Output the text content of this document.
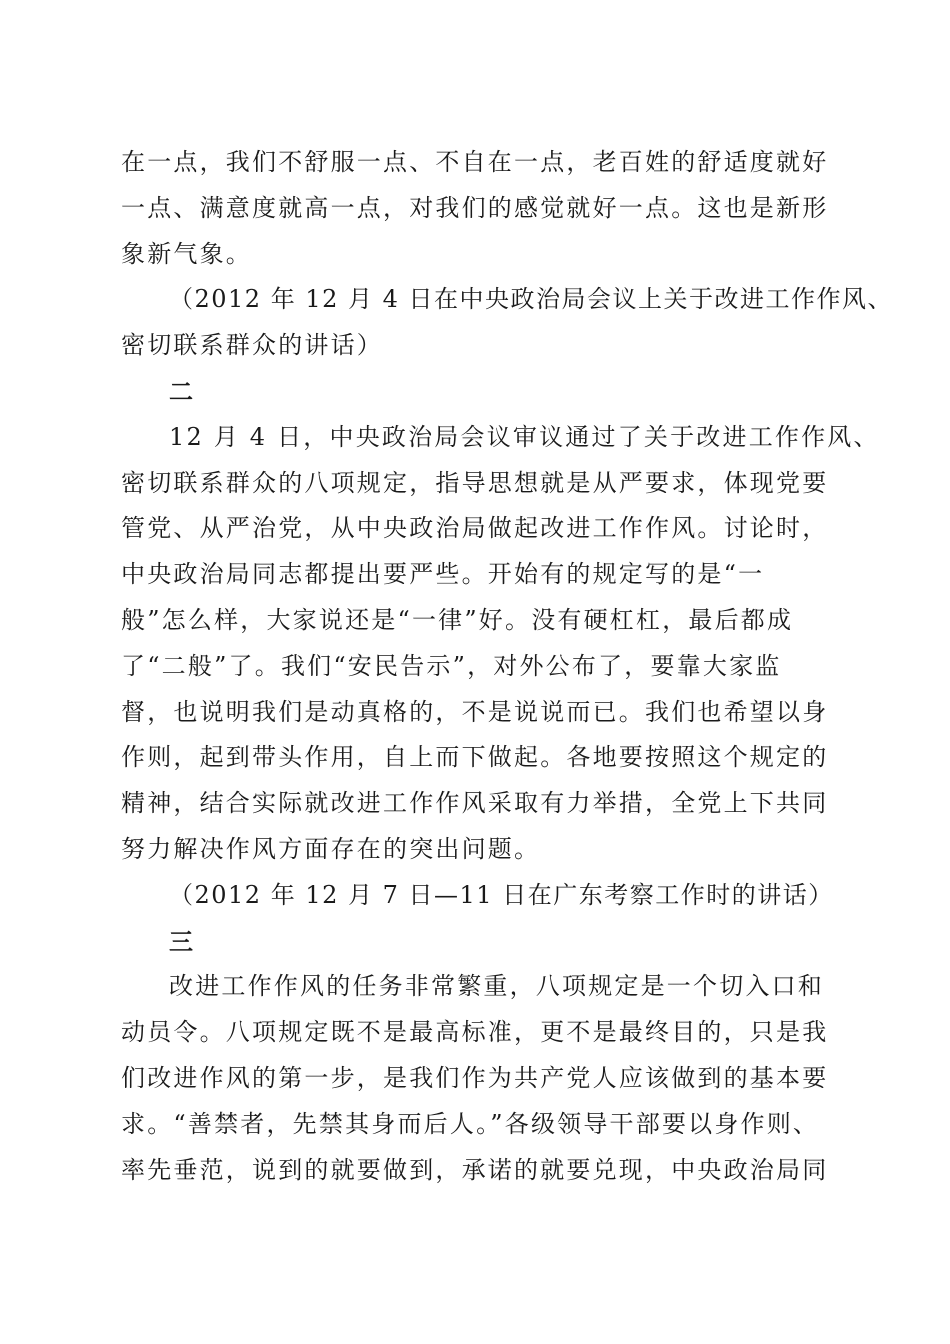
在一点，我们不舒服一点、不自在一点，老百姓的舒适度就好
一点、满意度就高一点，对我们的感觉就好一点。这也是新形
象新气象。
（2012 年 12 月 4 日在中央政治局会议上关于改进工作作风、
密切联系群众的讲话）
二
12 月 4 日，中央政治局会议审议通过了关于改进工作作风、
密切联系群众的八项规定，指导思想就是从严要求，体现党要
管党、从严治党，从中央政治局做起改进工作作风。讨论时，
中央政治局同志都提出要严些。开始有的规定写的是“一
般”怎么样，大家说还是“一律”好。没有硬杠杠，最后都成
了“二般”了。我们“安民告示”，对外公布了，要靠大家监
督，也说明我们是动真格的，不是说说而已。我们也希望以身
作则，起到带头作用，自上而下做起。各地要按照这个规定的
精神，结合实际就改进工作作风采取有力举措，全党上下共同
努力解决作风方面存在的突出问题。
（2012 年 12 月 7 日—11 日在广东考察工作时的讲话）
三
改进工作作风的任务非常繁重，八项规定是一个切入口和
动员令。八项规定既不是最高标准，更不是最终目的，只是我
们改进作风的第一步，是我们作为共产党人应该做到的基本要
求。“善禁者，先禁其身而后人。”各级领导干部要以身作则、
率先垂范，说到的就要做到，承诺的就要兑现，中央政治局同
